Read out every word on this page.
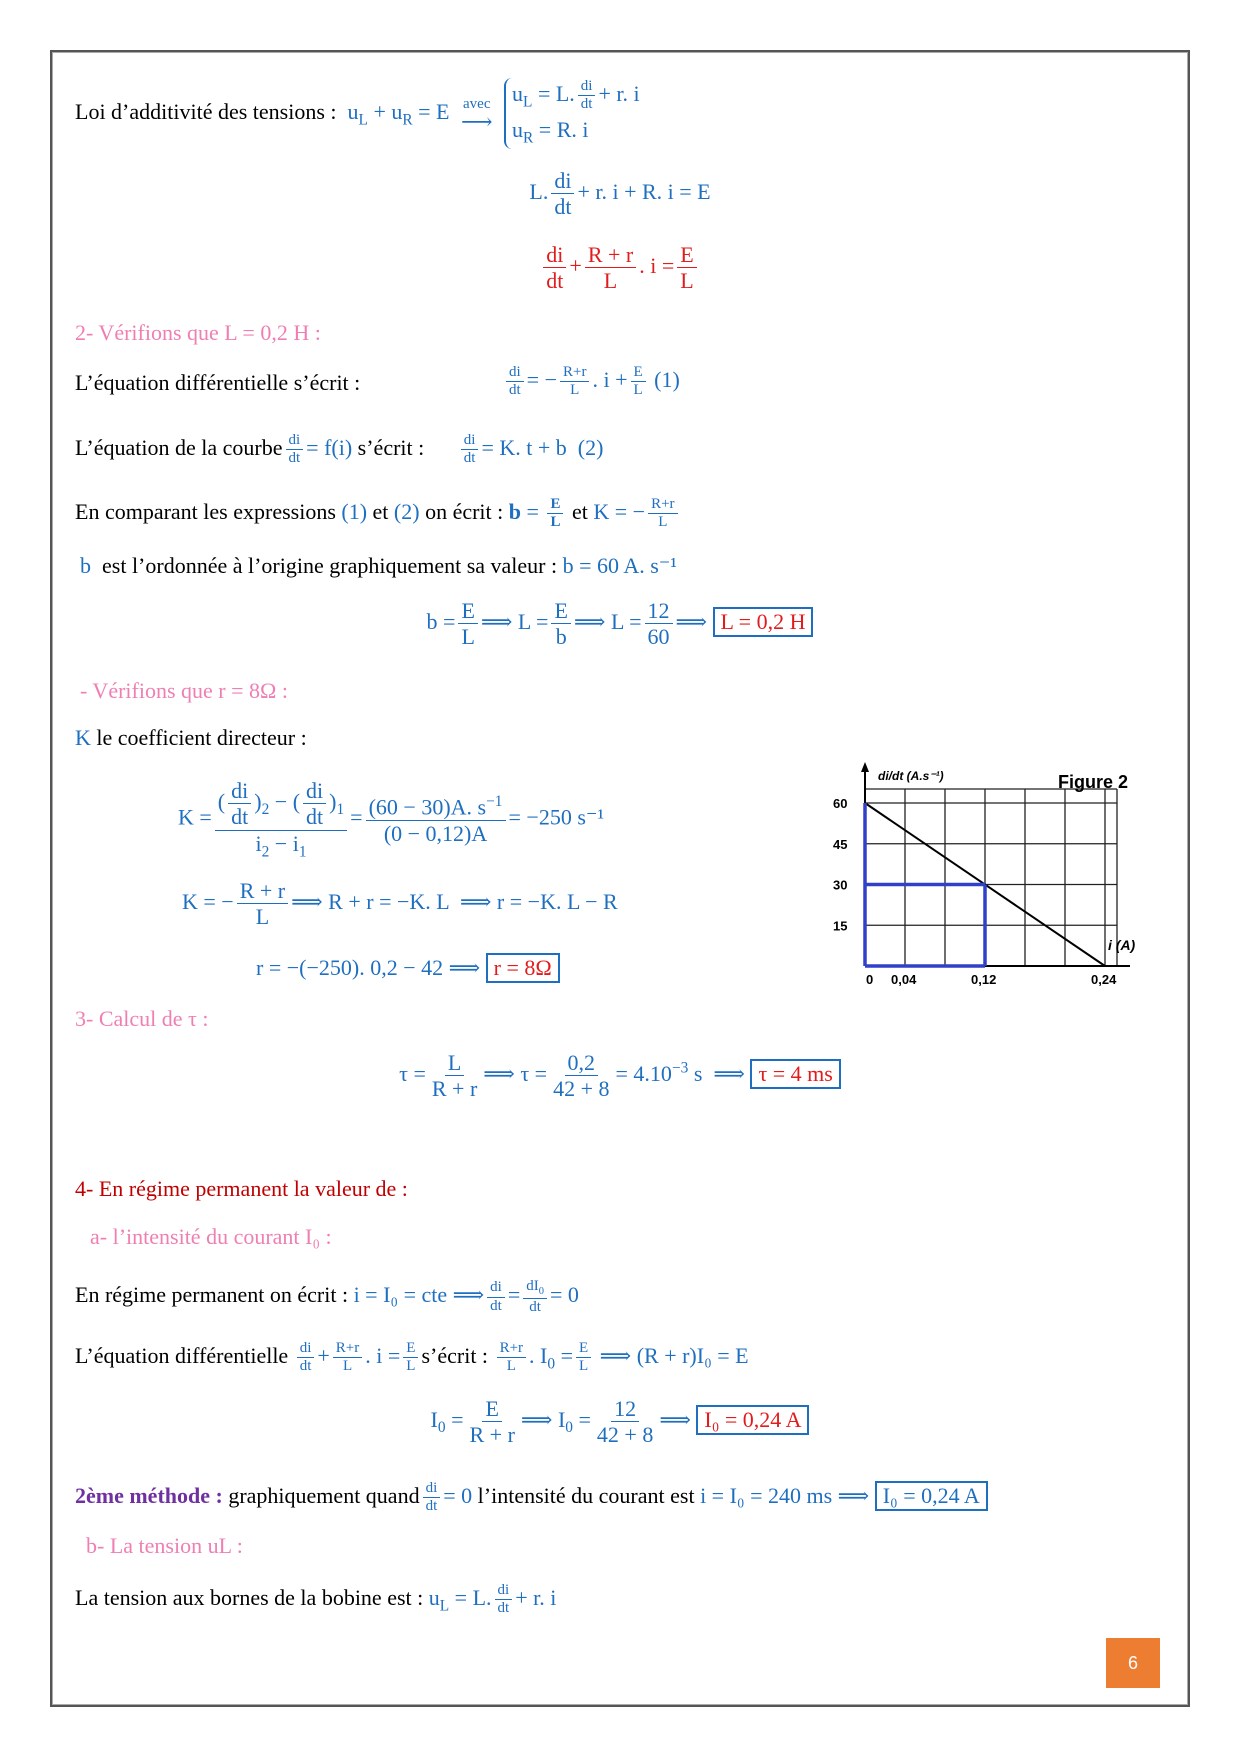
Loi d’additivité des tensions :  $u_L + u_R = E$ avec
⟶

$u_L = L$. $\frac{di}{dt} + r$. i
$u_R = R$. i
L. $\frac{di}{dt} + r$. i + R. i = E
$\frac{di}{dt} + \frac{R + r}{L}$ . $i = \frac{E}{L}$
2- Vérifions que L = 0,2 H :
L’équation différentielle s’écrit :	$\frac{di}{dt}$ = − $\frac{R+r}{L}$ . $i + \frac{E}{L} (1)$
L’équation de la courbe $\frac{di}{dt} = f(i)$ s’écrit : $\frac{di}{dt} = K$. t + b  (2)
En comparant les expressions (1) et (2) on écrit : $b = \frac{E}{L}$ et K = − $\frac{R+r}{L}$
b est l’ordonnée à l’origine graphiquement sa valeur : b = 60 A. s⁻¹
$b = \frac{E}{L}$ ⟹ $L = \frac{E}{b}$ ⟹ $L = \frac{12}{60}$ ⟹ L = 0,2 H
- Vérifions que r = 8Ω :
K le coefficient directeur :
K =
( $\frac{di}{dt} )_2$ − ( $\frac{di}{dt} )_1$
$i_2 - i_1$
= $\frac{(60 - 30)A. s^{-1}}{(0 - 0,12)A} = -250$ s⁻¹
K = − $\frac{R + r}{L}$ ⟹ R + r = −K. L  ⟹ r = −K. L − R
r = −(−250). 0,2 − 42 ⟹ r = 8Ω
60
45
30
15
0,04	0,12	0,24
Figure 2
di/dt (A.s⁻¹)
i (A)
0
3- Calcul de τ :
$\tau = \frac{L}{R + r}$ ⟹ $\tau = \frac{0,2}{42 + 8} = 4.10^{-3}$ s  ⟹ τ = 4 ms
4- En régime permanent la valeur de :
a- l’intensité du courant I₀ :
En régime permanent on écrit : i = I₀ = cte ⟹ $\frac{di}{dt} = \frac{dI_0}{dt} = 0$
L’équation différentielle $\frac{di}{dt} + \frac{R+r}{L}$ . $i = \frac{E}{L}$ s’écrit : $\frac{R+r}{L}$ . $I_0 = \frac{E}{L}$ ⟹ (R + r)I₀ = E
$I_0 = \frac{E}{R + r}$ ⟹ $I_0 = \frac{12}{42 + 8}$ ⟹ I₀ = 0,24 A
2ème méthode : graphiquement quand $\frac{di}{dt} = 0$ l’intensité du courant est i = I₀ = 240 ms ⟹ I₀ = 0,24 A
b- La tension uL :
La tension aux bornes de la bobine est : $u_L = L$. $\frac{di}{dt} + r$. i
6
